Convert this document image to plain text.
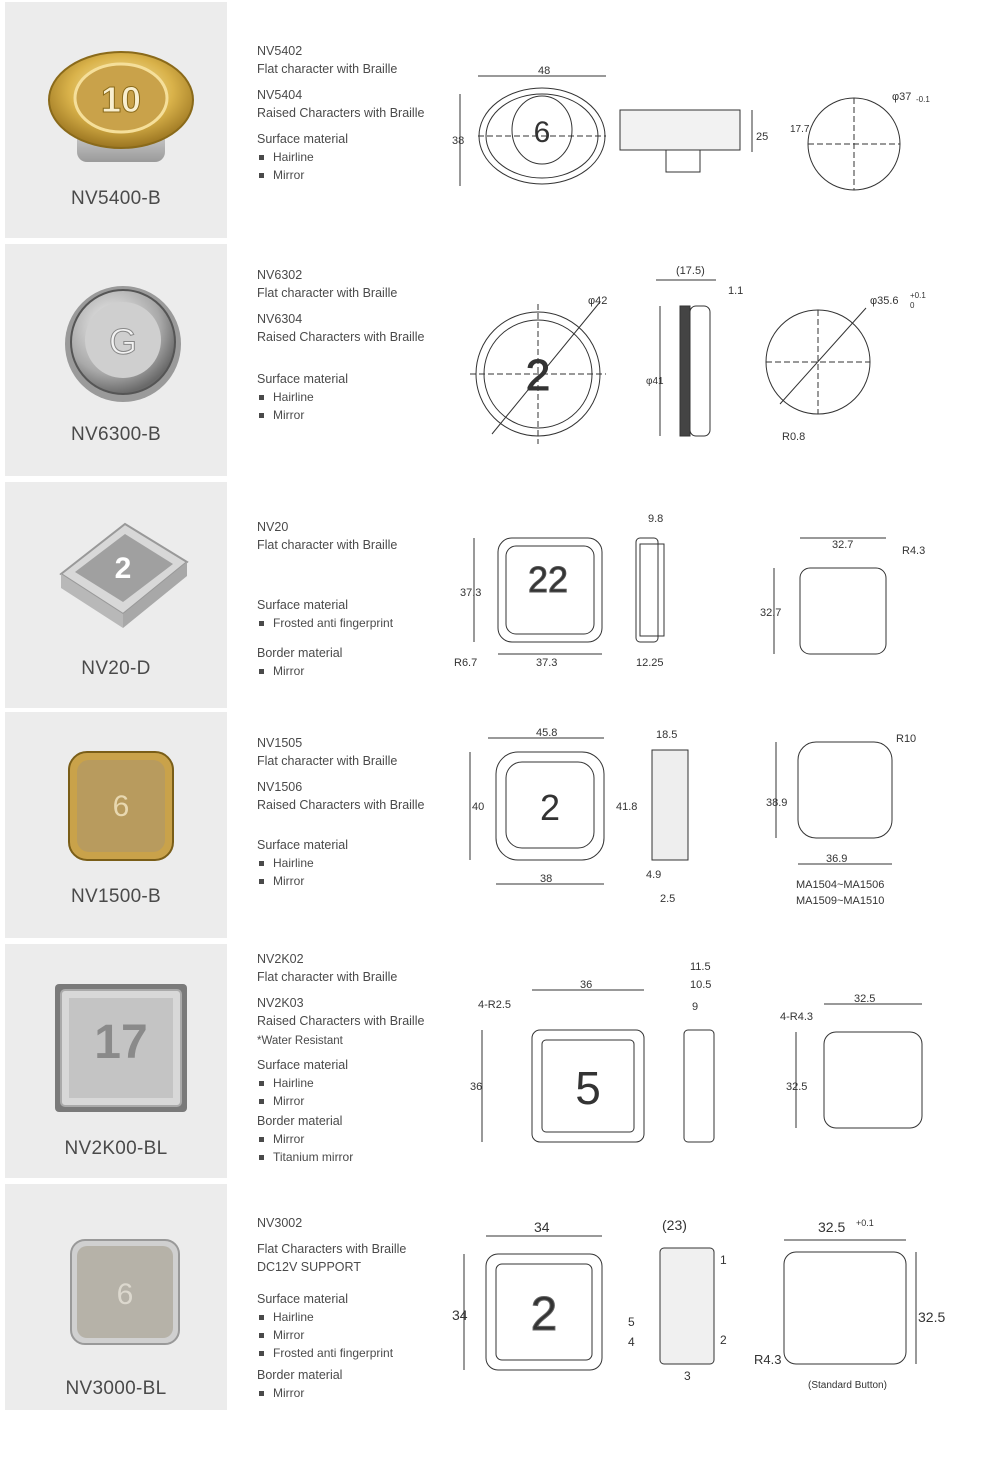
10
NV5400-B
NV5402
Flat character with Braille
NV5404
Raised Characters with Braille
Surface material
Hairline
Mirror
48
38 6	25
φ37 -0.1
17.7
G
NV6300-B
NV6302
Flat character with Braille
NV6304
Raised Characters with Braille
Surface material
Hairline
Mirror
φ42
2	φ41
(17.5)
1.1
φ35.6 +0.1
0
R0.8
2
NV20-D
NV20
Flat character with Braille
Surface material
Frosted anti fingerprint
Border material
Mirror
22
37.3
37.3
R6.7
9.8
12.25
32.7
32.7
R4.3
6
NV1500-B
NV1505
Flat character with Braille
NV1506
Raised Characters with Braille
Surface material
Hairline
Mirror
45.8
2
40	41.8
38
18.5
4.9
2.5
R10
38.9
36.9
MA1504~MA1506
MA1509~MA1510
17
NV2K00-BL
NV2K02
Flat character with Braille
NV2K03
Raised Characters with Braille
*Water Resistant
Surface material
Hairline
Mirror
Border material
Mirror
Titanium mirror
36
4-R2.5
5
36
11.5
10.5
9
32.5
4-R4.3
32.5
6
NV3000-BL
NV3002
Flat Characters with Braille
DC12V SUPPORT
Surface material
Hairline
Mirror
Frosted anti fingerprint
Border material
Mirror
34
2
34
(23)
1
2
3
4
5
32.5 +0.1
32.5
R4.3
(Standard Button)
